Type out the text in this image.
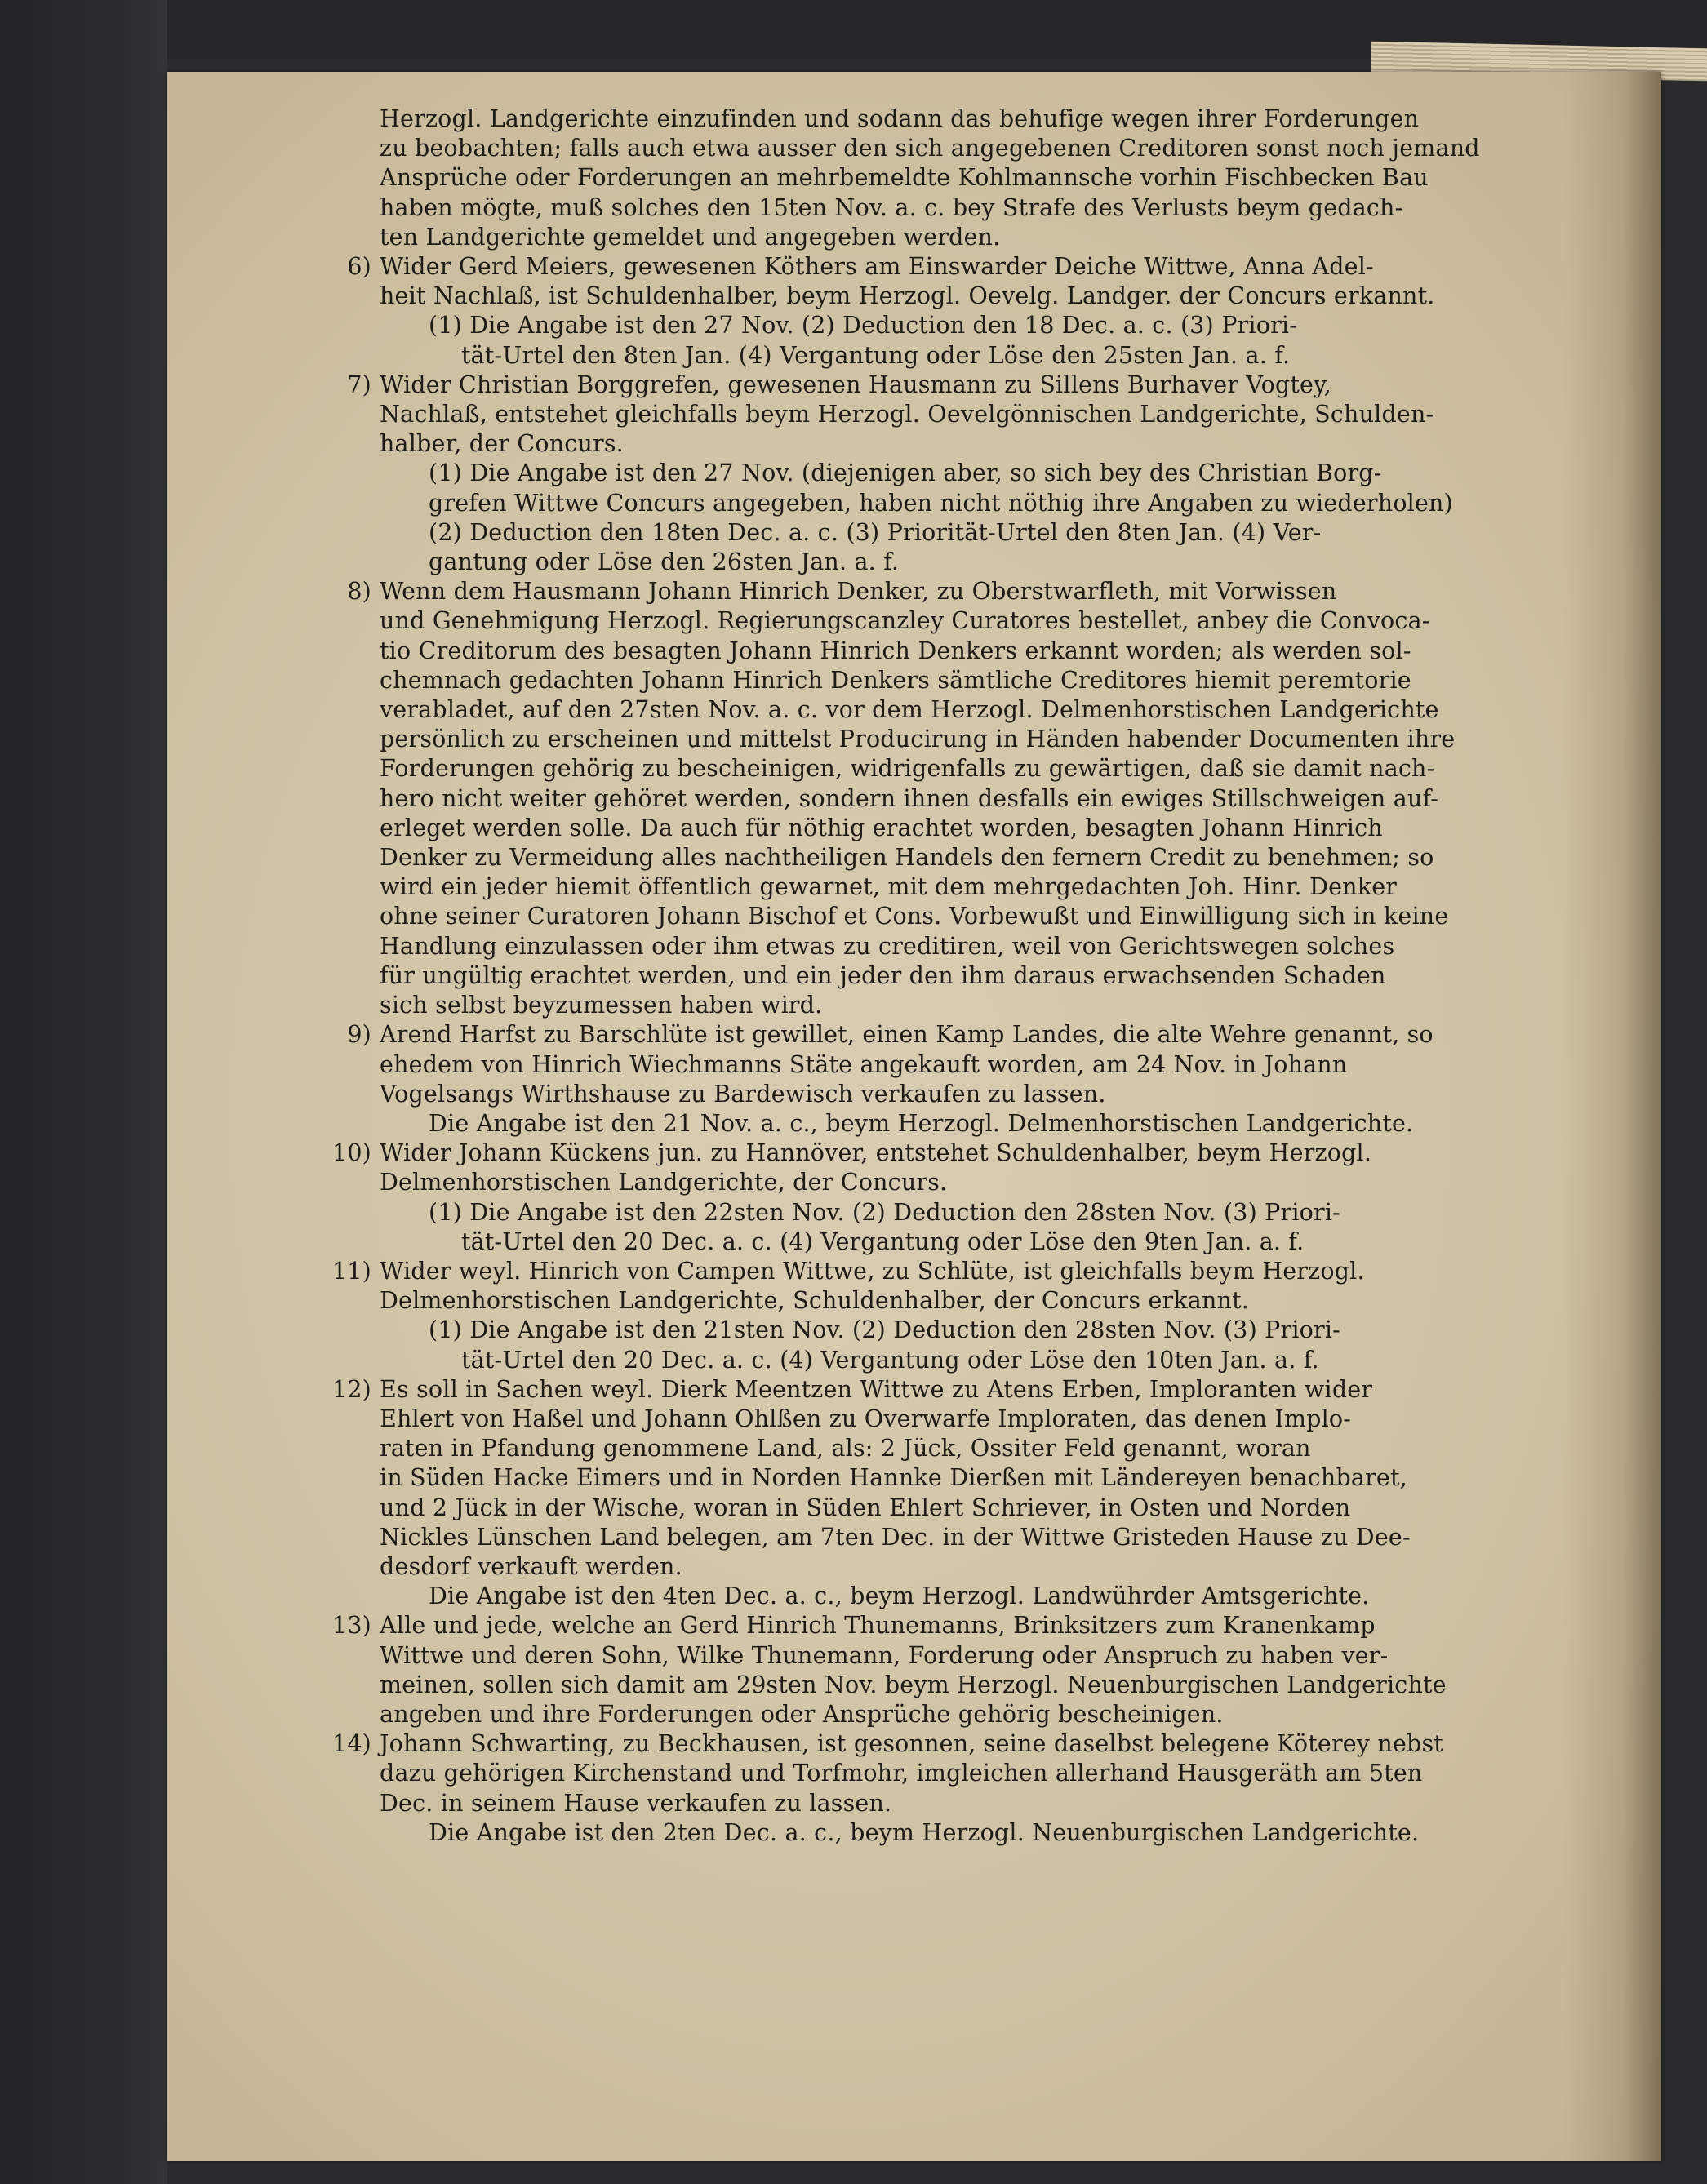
Herzogl. Landgerichte einzufinden und sodann das behufige wegen ihrer Forderungen
zu beobachten; falls auch etwa ausser den sich angegebenen Creditoren sonst noch jemand
Ansprüche oder Forderungen an mehrbemeldte Kohlmannsche vorhin Fischbecken Bau
haben mögte, muß solches den 15ten Nov. a. c. bey Strafe des Verlusts beym gedach-
ten Landgerichte gemeldet und angegeben werden.
6) Wider Gerd Meiers, gewesenen Köthers am Einswarder Deiche Wittwe, Anna Adel-
heit Nachlaß, ist Schuldenhalber, beym Herzogl. Oevelg. Landger. der Concurs erkannt.
(1) Die Angabe ist den 27 Nov. (2) Deduction den 18 Dec. a. c. (3) Priori-
tät-Urtel den 8ten Jan. (4) Vergantung oder Löse den 25sten Jan. a. f.
7) Wider Christian Borggrefen, gewesenen Hausmann zu Sillens Burhaver Vogtey,
Nachlaß, entstehet gleichfalls beym Herzogl. Oevelgönnischen Landgerichte, Schulden-
halber, der Concurs.
(1) Die Angabe ist den 27 Nov. (diejenigen aber, so sich bey des Christian Borg-
grefen Wittwe Concurs angegeben, haben nicht nöthig ihre Angaben zu wiederholen)
(2) Deduction den 18ten Dec. a. c. (3) Priorität-Urtel den 8ten Jan. (4) Ver-
gantung oder Löse den 26sten Jan. a. f.
8) Wenn dem Hausmann Johann Hinrich Denker, zu Oberstwarfleth, mit Vorwissen
und Genehmigung Herzogl. Regierungscanzley Curatores bestellet, anbey die Convoca-
tio Creditorum des besagten Johann Hinrich Denkers erkannt worden; als werden sol-
chemnach gedachten Johann Hinrich Denkers sämtliche Creditores hiemit peremtorie
verabladet, auf den 27sten Nov. a. c. vor dem Herzogl. Delmenhorstischen Landgerichte
persönlich zu erscheinen und mittelst Producirung in Händen habender Documenten ihre
Forderungen gehörig zu bescheinigen, widrigenfalls zu gewärtigen, daß sie damit nach-
hero nicht weiter gehöret werden, sondern ihnen desfalls ein ewiges Stillschweigen auf-
erleget werden solle. Da auch für nöthig erachtet worden, besagten Johann Hinrich
Denker zu Vermeidung alles nachtheiligen Handels den fernern Credit zu benehmen; so
wird ein jeder hiemit öffentlich gewarnet, mit dem mehrgedachten Joh. Hinr. Denker
ohne seiner Curatoren Johann Bischof et Cons. Vorbewußt und Einwilligung sich in keine
Handlung einzulassen oder ihm etwas zu creditiren, weil von Gerichtswegen solches
für ungültig erachtet werden, und ein jeder den ihm daraus erwachsenden Schaden
sich selbst beyzumessen haben wird.
9) Arend Harfst zu Barschlüte ist gewillet, einen Kamp Landes, die alte Wehre genannt, so
ehedem von Hinrich Wiechmanns Stäte angekauft worden, am 24 Nov. in Johann
Vogelsangs Wirthshause zu Bardewisch verkaufen zu lassen.
Die Angabe ist den 21 Nov. a. c., beym Herzogl. Delmenhorstischen Landgerichte.
10) Wider Johann Kückens jun. zu Hannöver, entstehet Schuldenhalber, beym Herzogl.
Delmenhorstischen Landgerichte, der Concurs.
(1) Die Angabe ist den 22sten Nov. (2) Deduction den 28sten Nov. (3) Priori-
tät-Urtel den 20 Dec. a. c. (4) Vergantung oder Löse den 9ten Jan. a. f.
11) Wider weyl. Hinrich von Campen Wittwe, zu Schlüte, ist gleichfalls beym Herzogl.
Delmenhorstischen Landgerichte, Schuldenhalber, der Concurs erkannt.
(1) Die Angabe ist den 21sten Nov. (2) Deduction den 28sten Nov. (3) Priori-
tät-Urtel den 20 Dec. a. c. (4) Vergantung oder Löse den 10ten Jan. a. f.
12) Es soll in Sachen weyl. Dierk Meentzen Wittwe zu Atens Erben, Imploranten wider
Ehlert von Haßel und Johann Ohlßen zu Overwarfe Imploraten, das denen Implo-
raten in Pfandung genommene Land, als: 2 Jück, Ossiter Feld genannt, woran
in Süden Hacke Eimers und in Norden Hannke Dierßen mit Ländereyen benachbaret,
und 2 Jück in der Wische, woran in Süden Ehlert Schriever, in Osten und Norden
Nickles Lünschen Land belegen, am 7ten Dec. in der Wittwe Gristeden Hause zu Dee-
desdorf verkauft werden.
Die Angabe ist den 4ten Dec. a. c., beym Herzogl. Landwührder Amtsgerichte.
13) Alle und jede, welche an Gerd Hinrich Thunemanns, Brinksitzers zum Kranenkamp
Wittwe und deren Sohn, Wilke Thunemann, Forderung oder Anspruch zu haben ver-
meinen, sollen sich damit am 29sten Nov. beym Herzogl. Neuenburgischen Landgerichte
angeben und ihre Forderungen oder Ansprüche gehörig bescheinigen.
14) Johann Schwarting, zu Beckhausen, ist gesonnen, seine daselbst belegene Köterey nebst
dazu gehörigen Kirchenstand und Torfmohr, imgleichen allerhand Hausgeräth am 5ten
Dec. in seinem Hause verkaufen zu lassen.
Die Angabe ist den 2ten Dec. a. c., beym Herzogl. Neuenburgischen Landgerichte.
